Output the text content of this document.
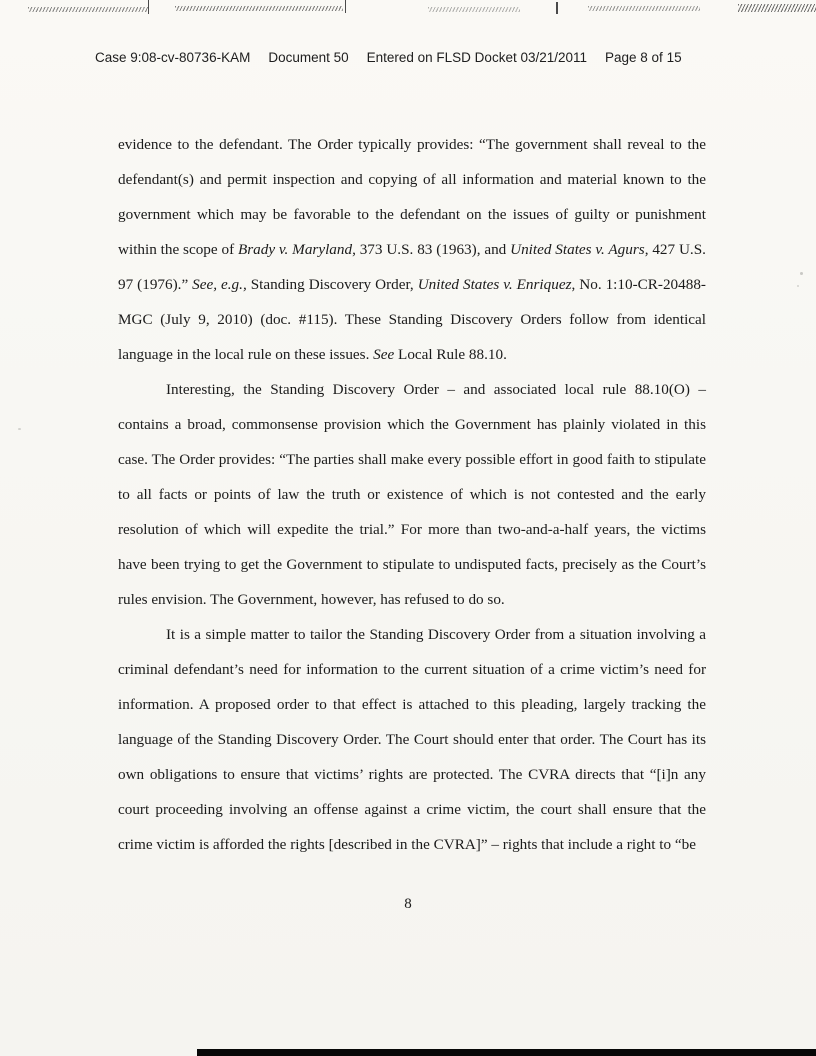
Case 9:08-cv-80736-KAM Document 50 Entered on FLSD Docket 03/21/2011 Page 8 of 15

evidence to the defendant. The Order typically provides: “The government shall reveal to the defendant(s) and permit inspection and copying of all information and material known to the government which may be favorable to the defendant on the issues of guilty or punishment within the scope of Brady v. Maryland, 373 U.S. 83 (1963), and United States v. Agurs, 427 U.S. 97 (1976).” See, e.g., Standing Discovery Order, United States v. Enriquez, No. 1:10-CR-20488-MGC (July 9, 2010) (doc. #115). These Standing Discovery Orders follow from identical language in the local rule on these issues. See Local Rule 88.10.

Interesting, the Standing Discovery Order – and associated local rule 88.10(O) – contains a broad, commonsense provision which the Government has plainly violated in this case. The Order provides: “The parties shall make every possible effort in good faith to stipulate to all facts or points of law the truth or existence of which is not contested and the early resolution of which will expedite the trial.” For more than two-and-a-half years, the victims have been trying to get the Government to stipulate to undisputed facts, precisely as the Court’s rules envision. The Government, however, has refused to do so.

It is a simple matter to tailor the Standing Discovery Order from a situation involving a criminal defendant’s need for information to the current situation of a crime victim’s need for information. A proposed order to that effect is attached to this pleading, largely tracking the language of the Standing Discovery Order. The Court should enter that order. The Court has its own obligations to ensure that victims’ rights are protected. The CVRA directs that “[i]n any court proceeding involving an offense against a crime victim, the court shall ensure that the crime victim is afforded the rights [described in the CVRA]” – rights that include a right to “be

8
